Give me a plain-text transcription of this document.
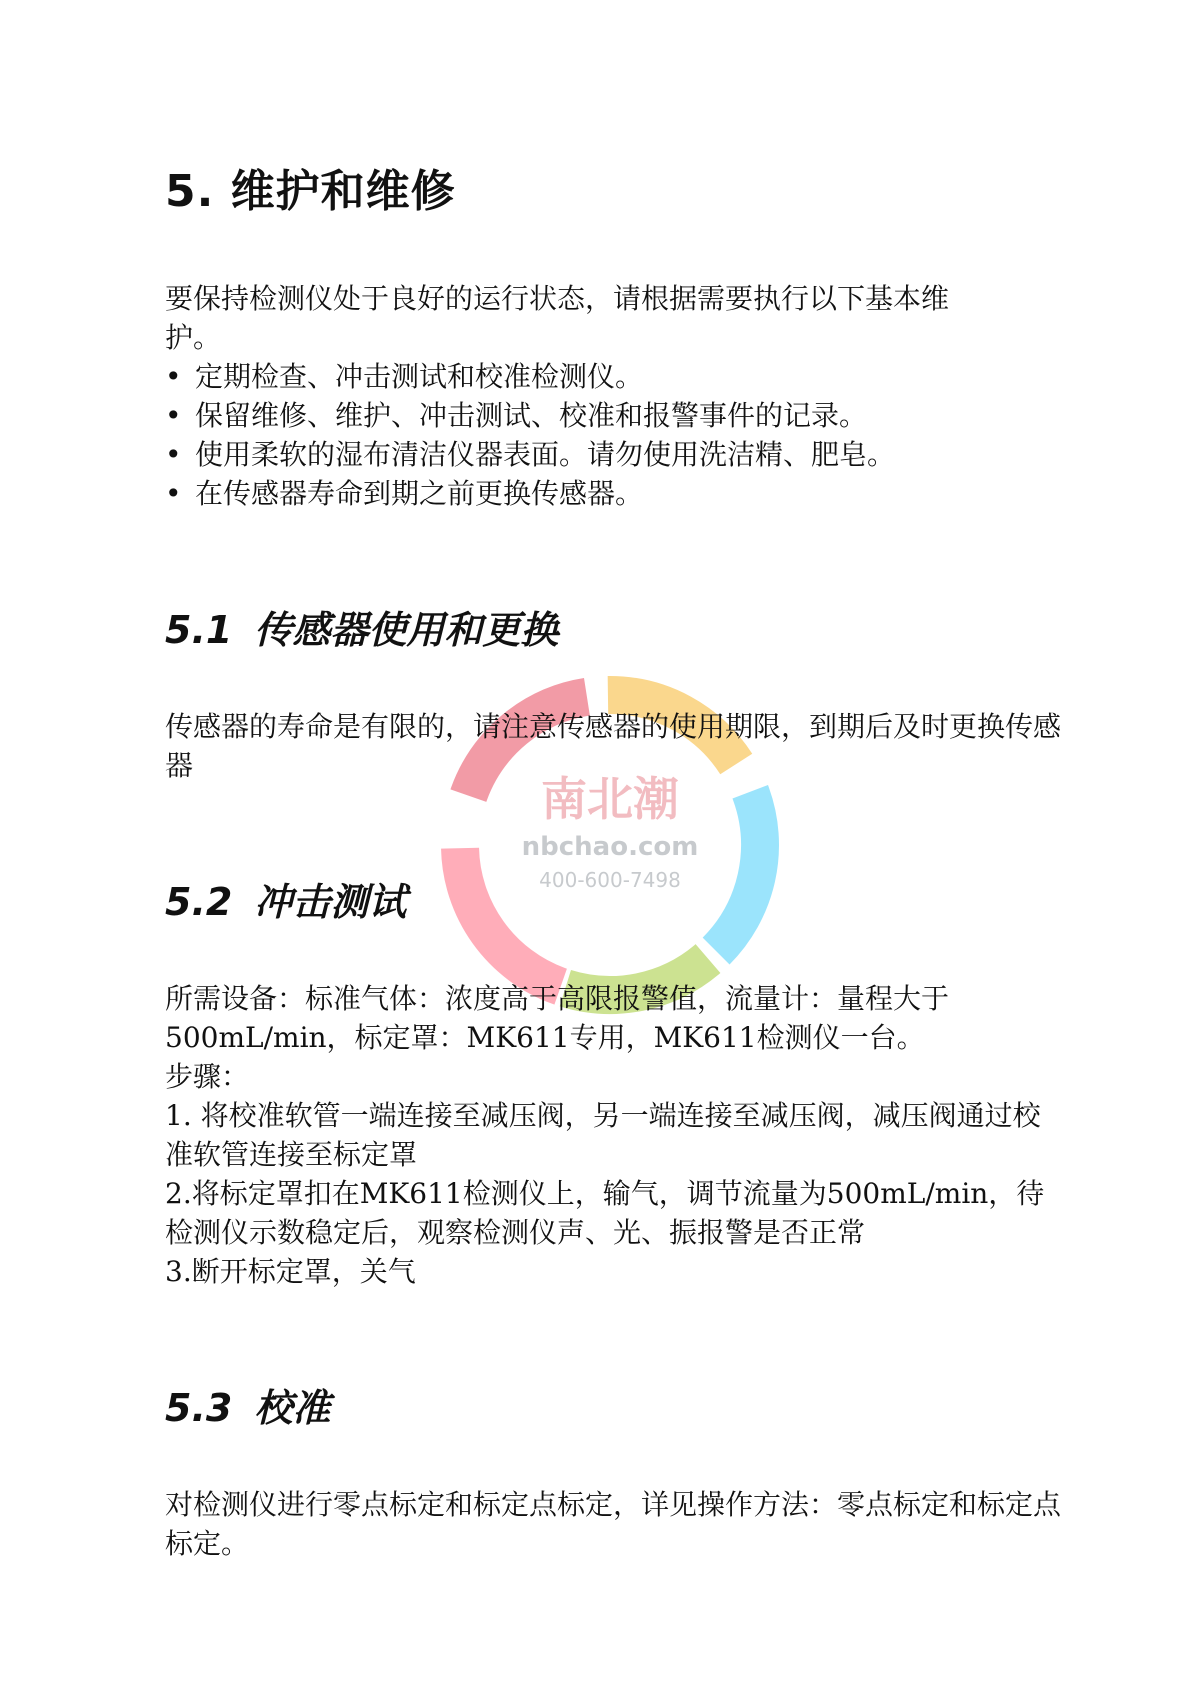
南北潮
nbchao.com
400-600-7498
5. 维护和维修

要保持检测仪处于良好的运行状态，请根据需要执行以下基本维护。

• 定期检查、冲击测试和校准检测仪。
• 保留维修、维护、冲击测试、校准和报警事件的记录。
• 使用柔软的湿布清洁仪器表面。请勿使用洗洁精、肥皂。
• 在传感器寿命到期之前更换传感器。
5.1 传感器使用和更换

传感器的寿命是有限的，请注意传感器的使用期限，到期后及时更换传感器

5.2 冲击测试

所需设备：标准气体：浓度高于高限报警值，流量计：量程大于500mL/min，标定罩：MK611专用，MK611检测仪一台。

步骤：

1. 将校准软管一端连接至减压阀，另一端连接至减压阀，减压阀通过校准软管连接至标定罩

2.将标定罩扣在MK611检测仪上，输气，调节流量为500mL/min，待检测仪示数稳定后，观察检测仪声、光、振报警是否正常

3.断开标定罩，关气

5.3 校准

对检测仪进行零点标定和标定点标定，详见操作方法：零点标定和标定点标定。
